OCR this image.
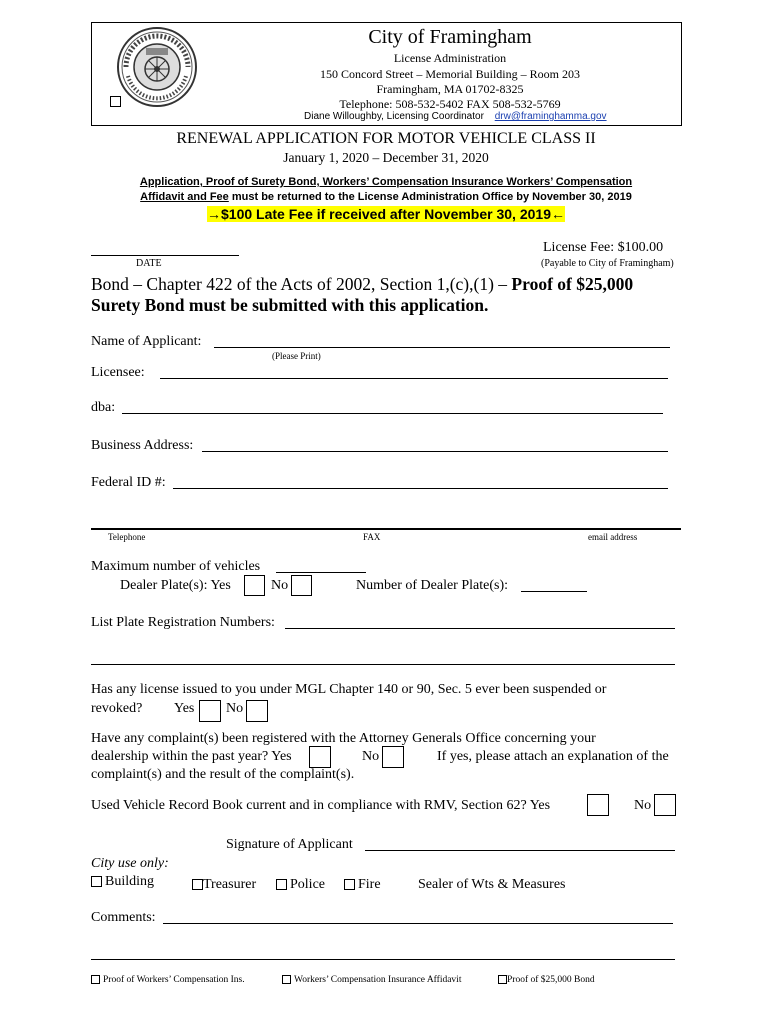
City of Framingham
License Administration
150 Concord Street – Memorial Building – Room 203
Framingham, MA 01702-8325
Telephone: 508-532-5402 FAX 508-532-5769
Diane Willoughby, Licensing Coordinator drw@framinghamma.gov
RENEWAL APPLICATION FOR MOTOR VEHICLE CLASS II
January 1, 2020 – December 31, 2020
Application, Proof of Surety Bond, Workers’ Compensation Insurance Workers’ Compensation
Affidavit and Fee must be returned to the License Administration Office by November 30, 2019
→$100 Late Fee if received after November 30, 2019←
DATE
License Fee: $100.00
(Payable to City of Framingham)
Bond – Chapter 422 of the Acts of 2002, Section 1,(c),(1) – Proof of $25,000
Surety Bond must be submitted with this application.
Name of Applicant:
(Please Print)
Licensee:
dba:
Business Address:
Federal ID #:
Telephone	FAX	email address
Maximum number of vehicles
Dealer Plate(s): Yes	No	Number of Dealer Plate(s):
List Plate Registration Numbers:
Has any license issued to you under MGL Chapter 140 or 90, Sec. 5 ever been suspended or
revoked? Yes No
Have any complaint(s) been registered with the Attorney Generals Office concerning your
dealership within the past year? Yes	No	If yes, please attach an explanation of the
complaint(s) and the result of the complaint(s).
Used Vehicle Record Book current and in compliance with RMV, Section 62? Yes	No
Signature of Applicant
City use only:
Building	Treasurer	Police	Fire	Sealer of Wts & Measures
Comments:
Proof of Workers’ Compensation Ins.	Workers’ Compensation Insurance Affidavit	Proof of $25,000 Bond
